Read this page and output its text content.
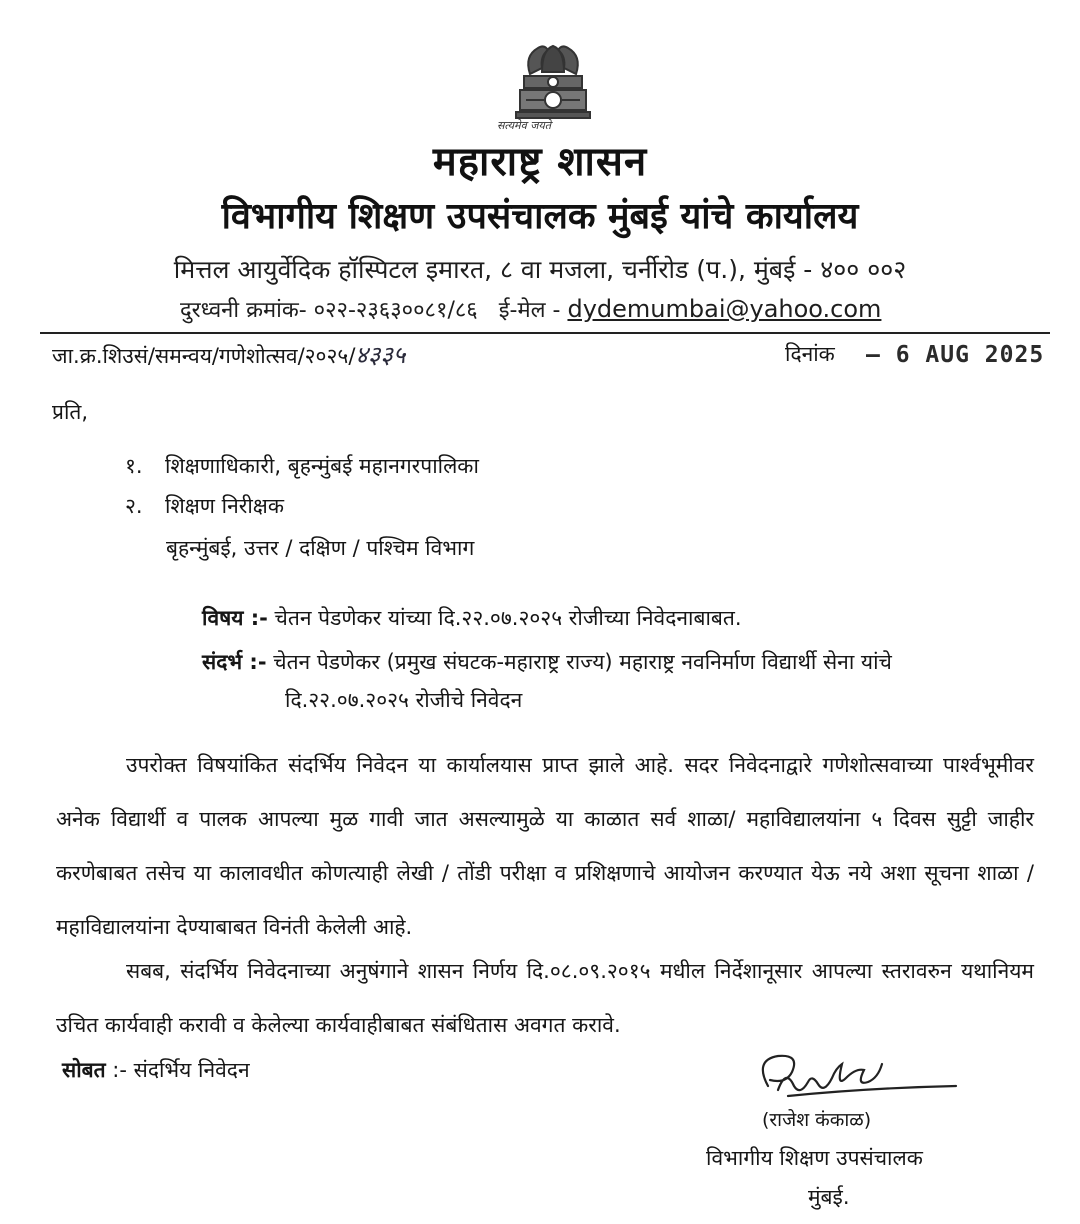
सत्यमेव जयते
महाराष्ट्र शासन
विभागीय शिक्षण उपसंचालक मुंबई यांचे कार्यालय
मित्तल आयुर्वेदिक हॉस्पिटल इमारत, ८ वा मजला, चर्नीरोड (प.), मुंबई - ४०० ००२
दुरध्वनी क्रमांक- ०२२-२३६३००८१/८६ ई-मेल - dydemumbai@yahoo.com
जा.क्र.शिउसं/समन्वय/गणेशोत्सव/२०२५/४३३५	दिनांक – 6 AUG 2025
प्रति,
१. शिक्षणाधिकारी, बृहन्मुंबई महानगरपालिका
२. शिक्षण निरीक्षक
बृहन्मुंबई, उत्तर / दक्षिण / पश्चिम विभाग
विषय :- चेतन पेडणेकर यांच्या दि.२२.०७.२०२५ रोजीच्या निवेदनाबाबत.
संदर्भ :- चेतन पेडणेकर (प्रमुख संघटक-महाराष्ट्र राज्य) महाराष्ट्र नवनिर्माण विद्यार्थी सेना यांचे
दि.२२.०७.२०२५ रोजीचे निवेदन
उपरोक्त विषयांकित संदर्भिय निवेदन या कार्यालयास प्राप्त झाले आहे. सदर निवेदनाद्वारे गणेशोत्सवाच्या पार्श्वभूमीवर अनेक विद्यार्थी व पालक आपल्या मुळ गावी जात असल्यामुळे या काळात सर्व शाळा/ महाविद्यालयांना ५ दिवस सुट्टी जाहीर करणेबाबत तसेच या कालावधीत कोणत्याही लेखी / तोंडी परीक्षा व प्रशिक्षणाचे आयोजन करण्यात येऊ नये अशा सूचना शाळा / महाविद्यालयांना देण्याबाबत विनंती केलेली आहे.
सबब, संदर्भिय निवेदनाच्या अनुषंगाने शासन निर्णय दि.०८.०९.२०१५ मधील निर्देशानूसार आपल्या स्तरावरुन यथानियम उचित कार्यवाही करावी व केलेल्या कार्यवाहीबाबत संबंधितास अवगत करावे.
सोबत :- संदर्भिय निवेदन
(राजेश कंकाळ)
विभागीय शिक्षण उपसंचालक
मुंबई.
